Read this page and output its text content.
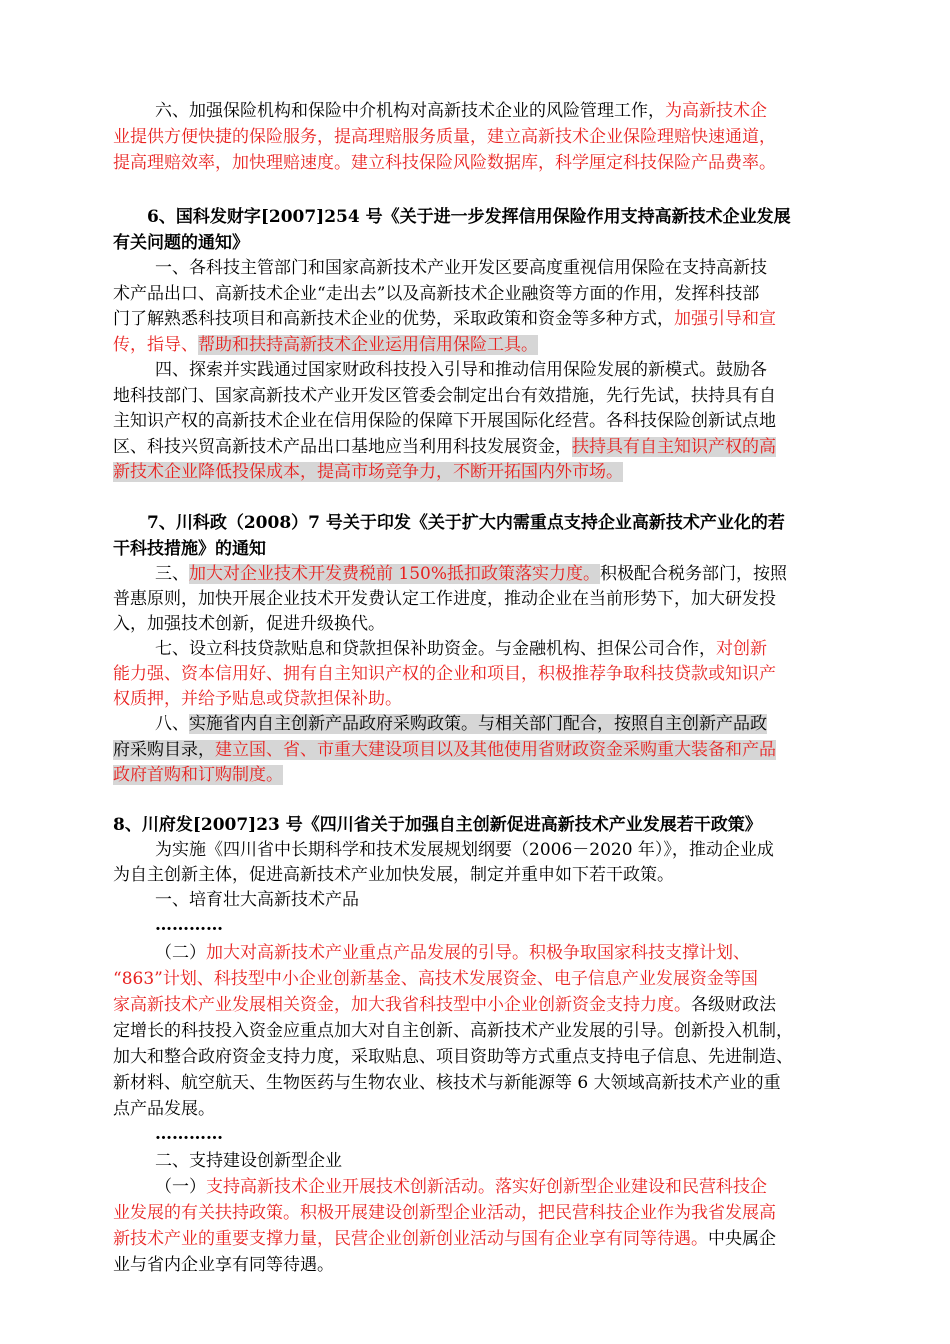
六、加强保险机构和保险中介机构对高新技术企业的风险管理工作，为高新技术企
业提供方便快捷的保险服务，提高理赔服务质量，建立高新技术企业保险理赔快速通道，
提高理赔效率，加快理赔速度。建立科技保险风险数据库，科学厘定科技保险产品费率。
6、国科发财字[2007]254 号《关于进一步发挥信用保险作用支持高新技术企业发展
有关问题的通知》
一、各科技主管部门和国家高新技术产业开发区要高度重视信用保险在支持高新技
术产品出口、高新技术企业“走出去”以及高新技术企业融资等方面的作用，发挥科技部
门了解熟悉科技项目和高新技术企业的优势，采取政策和资金等多种方式，加强引导和宣
传，指导、帮助和扶持高新技术企业运用信用保险工具。
四、探索并实践通过国家财政科技投入引导和推动信用保险发展的新模式。鼓励各
地科技部门、国家高新技术产业开发区管委会制定出台有效措施，先行先试，扶持具有自
主知识产权的高新技术企业在信用保险的保障下开展国际化经营。各科技保险创新试点地
区、科技兴贸高新技术产品出口基地应当利用科技发展资金，扶持具有自主知识产权的高
新技术企业降低投保成本，提高市场竞争力，不断开拓国内外市场。
7、川科政（2008）7 号关于印发《关于扩大内需重点支持企业高新技术产业化的若
干科技措施》的通知
三、加大对企业技术开发费税前 150%抵扣政策落实力度。积极配合税务部门，按照
普惠原则，加快开展企业技术开发费认定工作进度，推动企业在当前形势下，加大研发投
入，加强技术创新，促进升级换代。
七、设立科技贷款贴息和贷款担保补助资金。与金融机构、担保公司合作，对创新
能力强、资本信用好、拥有自主知识产权的企业和项目，积极推荐争取科技贷款或知识产
权质押，并给予贴息或贷款担保补助。
八、实施省内自主创新产品政府采购政策。与相关部门配合，按照自主创新产品政
府采购目录，建立国、省、市重大建设项目以及其他使用省财政资金采购重大装备和产品
政府首购和订购制度。
8、川府发[2007]23 号《四川省关于加强自主创新促进高新技术产业发展若干政策》
为实施《四川省中长期科学和技术发展规划纲要（2006－2020 年）》，推动企业成
为自主创新主体，促进高新技术产业加快发展，制定并重申如下若干政策。
一、培育壮大高新技术产品
…………
（二）加大对高新技术产业重点产品发展的引导。积极争取国家科技支撑计划、
“863”计划、科技型中小企业创新基金、高技术发展资金、电子信息产业发展资金等国
家高新技术产业发展相关资金，加大我省科技型中小企业创新资金支持力度。各级财政法
定增长的科技投入资金应重点加大对自主创新、高新技术产业发展的引导。创新投入机制，
加大和整合政府资金支持力度，采取贴息、项目资助等方式重点支持电子信息、先进制造、
新材料、航空航天、生物医药与生物农业、核技术与新能源等 6 大领域高新技术产业的重
点产品发展。
…………
二、支持建设创新型企业
（一）支持高新技术企业开展技术创新活动。落实好创新型企业建设和民营科技企
业发展的有关扶持政策。积极开展建设创新型企业活动，把民营科技企业作为我省发展高
新技术产业的重要支撑力量，民营企业创新创业活动与国有企业享有同等待遇。中央属企
业与省内企业享有同等待遇。
